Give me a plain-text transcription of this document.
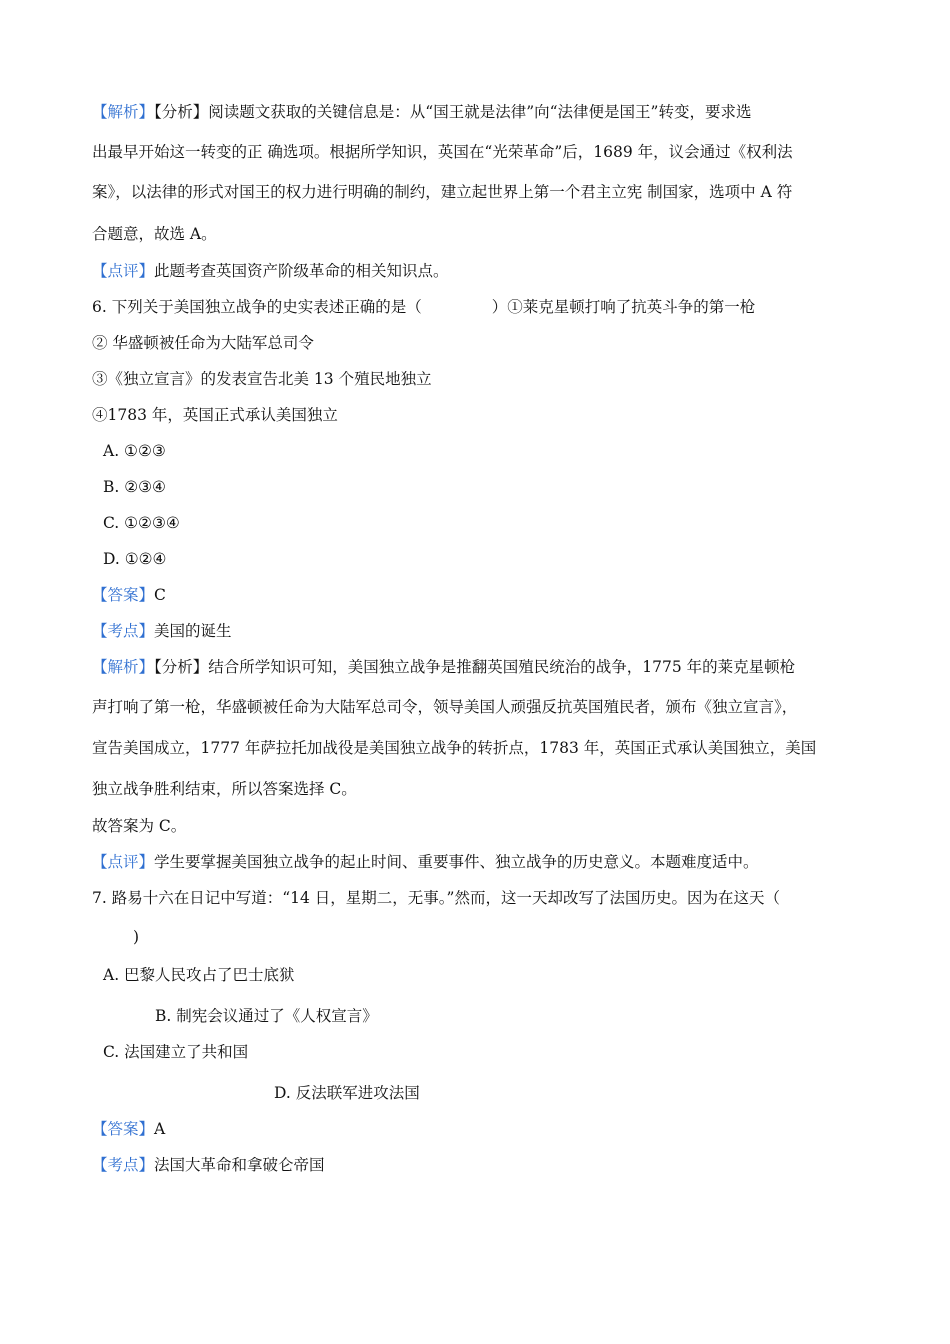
【解析】【分析】阅读题文获取的关键信息是：从“国王就是法律”向“法律便是国王”转变，要求选
出最早开始这一转变的正 确选项。根据所学知识，英国在“光荣革命”后，1689 年，议会通过《权利法
案》，以法律的形式对国王的权力进行明确的制约，建立起世界上第一个君主立宪 制国家，选项中 A 符
合题意，故选 A。
【点评】此题考查英国资产阶级革命的相关知识点。
6. 下列关于美国独立战争的史实表述正确的是（	）①莱克星顿打响了抗英斗争的第一枪
② 华盛顿被任命为大陆军总司令
③《独立宣言》的发表宣告北美 13 个殖民地独立
④1783 年，英国正式承认美国独立
A. ①②③
B. ②③④
C. ①②③④
D. ①②④
【答案】C
【考点】美国的诞生
【解析】【分析】结合所学知识可知，美国独立战争是推翻英国殖民统治的战争，1775 年的莱克星顿枪
声打响了第一枪，华盛顿被任命为大陆军总司令，领导美国人顽强反抗英国殖民者，颁布《独立宣言》，
宣告美国成立，1777 年萨拉托加战役是美国独立战争的转折点，1783 年，英国正式承认美国独立，美国
独立战争胜利结束，所以答案选择 C。
故答案为 C。
【点评】学生要掌握美国独立战争的起止时间、重要事件、独立战争的历史意义。本题难度适中。
7. 路易十六在日记中写道：“14 日，星期二，无事。”然而，这一天却改写了法国历史。因为在这天（
)
A. 巴黎人民攻占了巴士底狱
B. 制宪会议通过了《人权宣言》
C. 法国建立了共和国
D. 反法联军进攻法国
【答案】A
【考点】法国大革命和拿破仑帝国
